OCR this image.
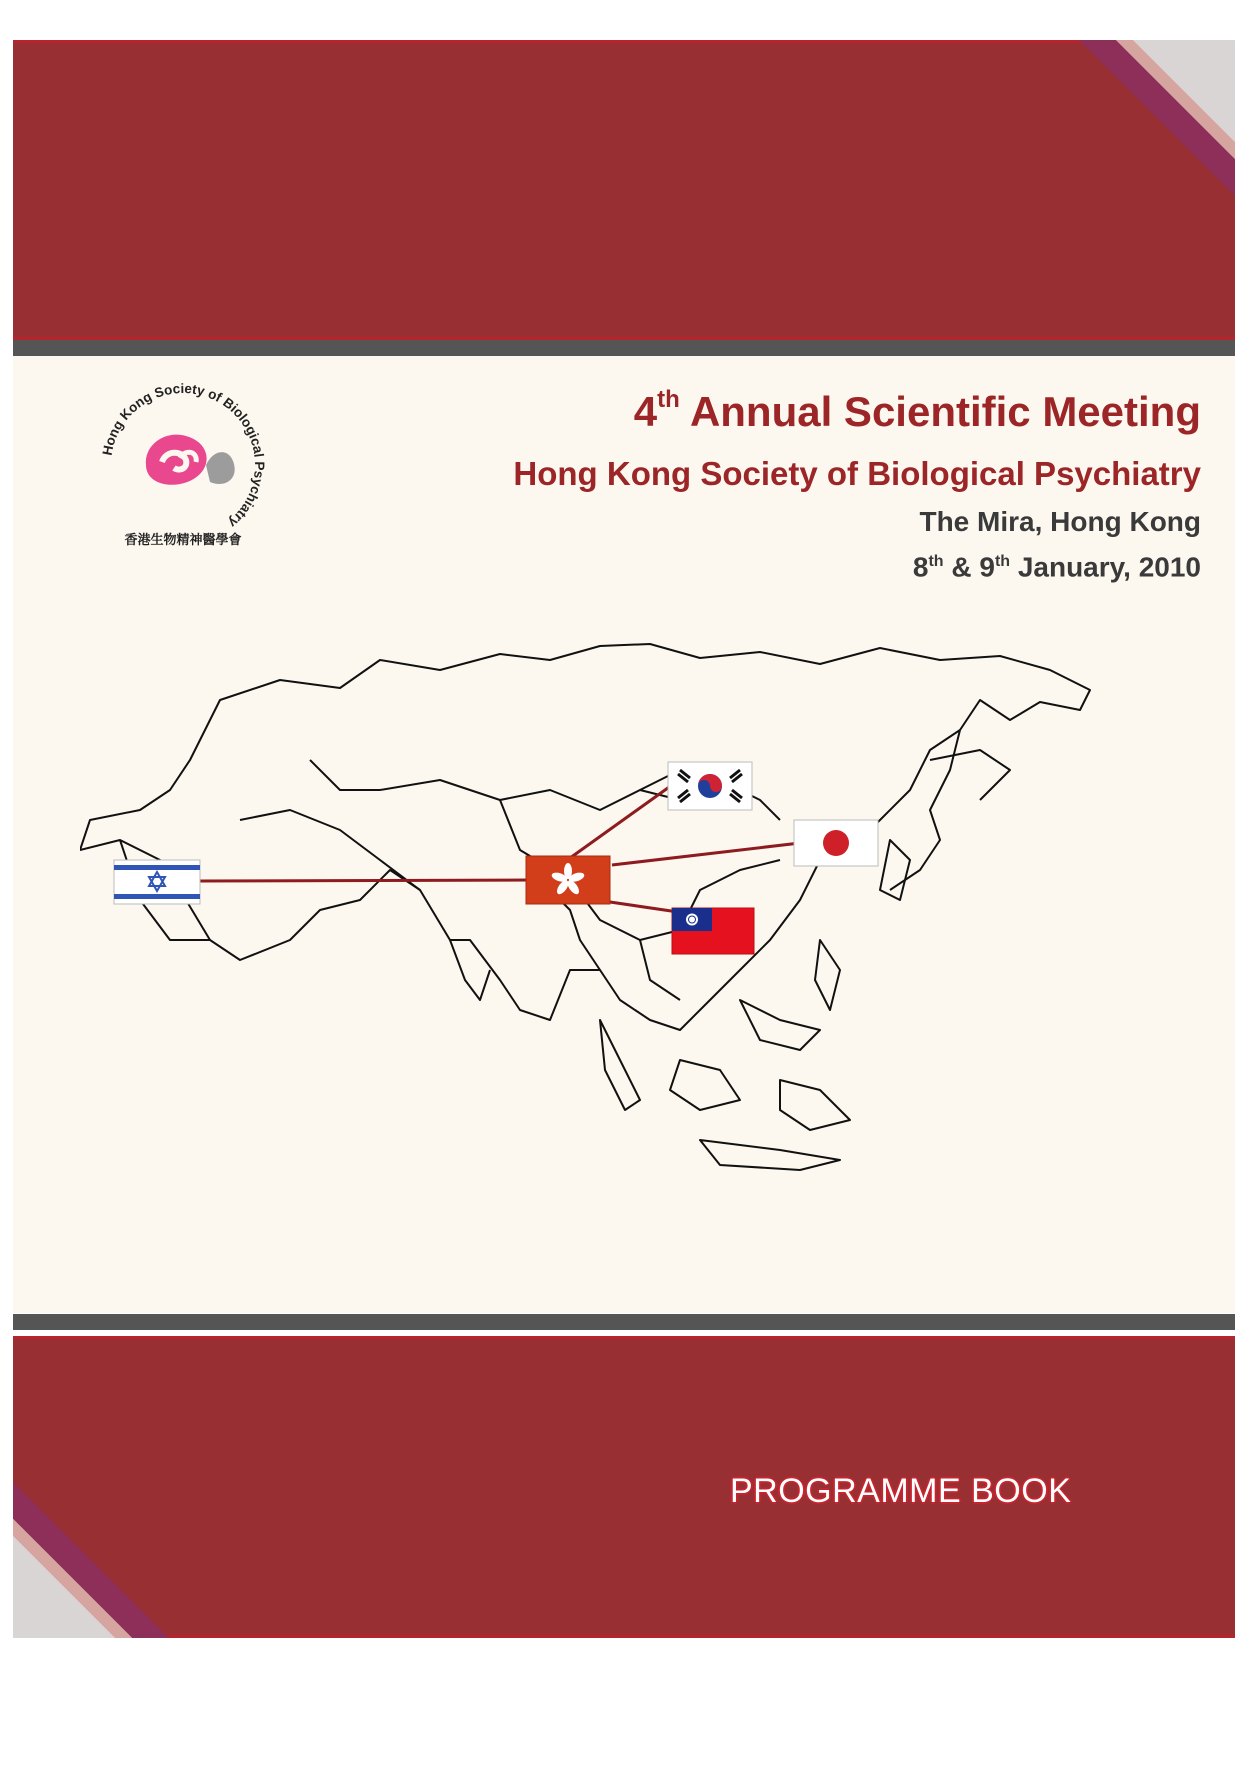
Hong Kong Society of Biological Psychiatry
香港生物精神醫學會
4th Annual Scientific Meeting
Hong Kong Society of Biological Psychiatry
The Mira, Hong Kong
8th & 9th January, 2010
PROGRAMME BOOK
